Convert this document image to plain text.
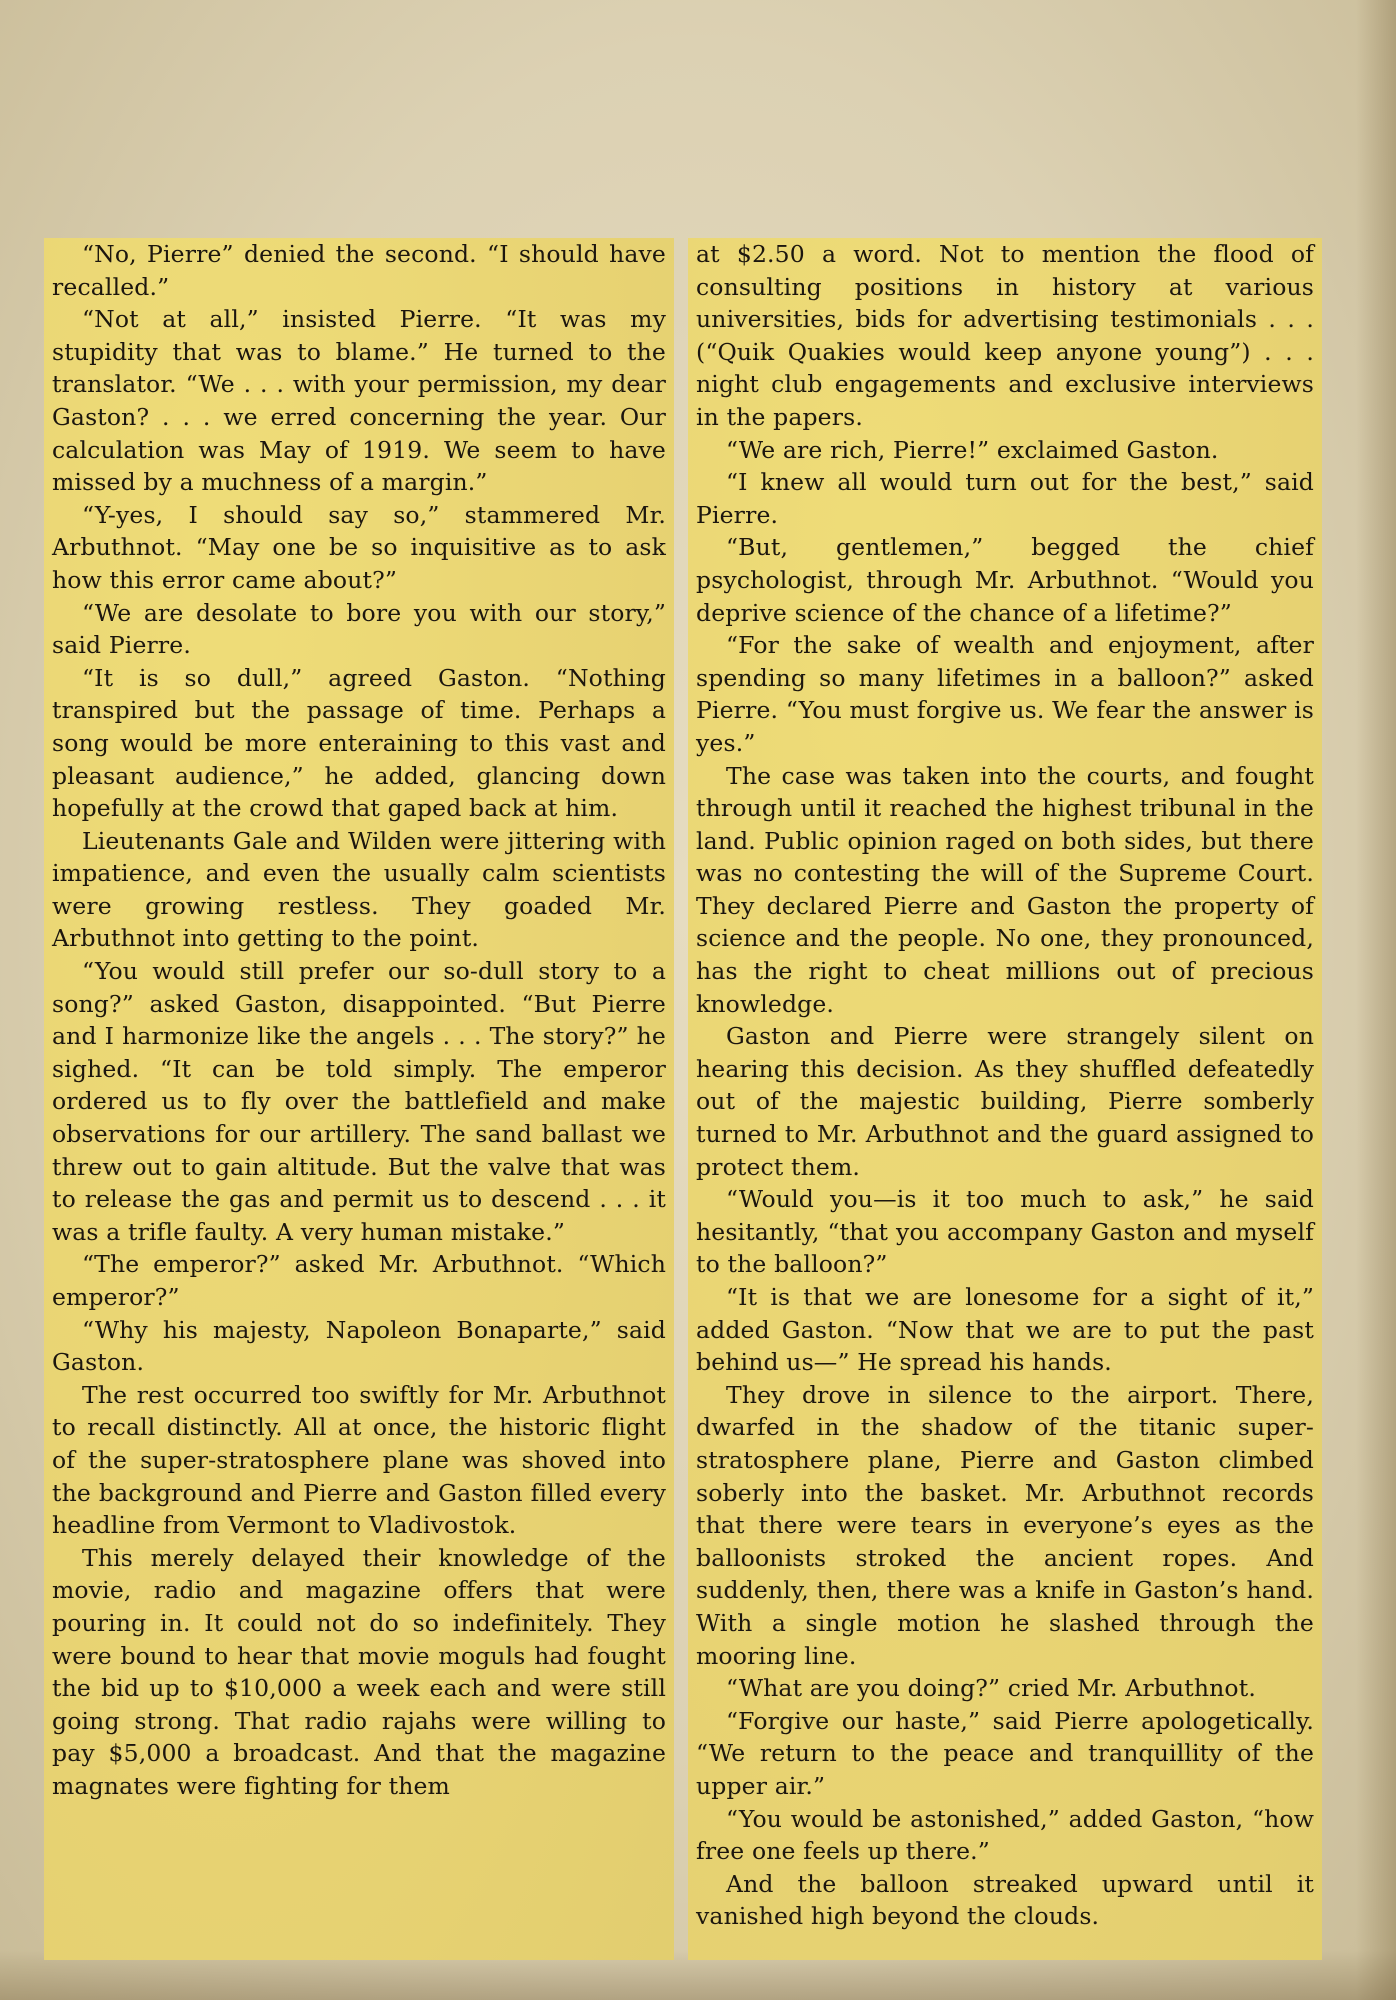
“No, Pierre” denied the second. “I should have recalled.”

“Not at all,” insisted Pierre. “It was my stupidity that was to blame.” He turned to the translator. “We . . . with your permission, my dear Gaston? . . . we erred concerning the year. Our calculation was May of 1919. We seem to have missed by a muchness of a margin.”

“Y-yes, I should say so,” stammered Mr. Arbuthnot. “May one be so inquisitive as to ask how this error came about?”

“We are desolate to bore you with our story,” said Pierre.

“It is so dull,” agreed Gaston. “Nothing transpired but the passage of time. Perhaps a song would be more enteraining to this vast and pleasant audience,” he added, glancing down hopefully at the crowd that gaped back at him.

Lieutenants Gale and Wilden were jittering with impatience, and even the usually calm scientists were growing restless. They goaded Mr. Arbuthnot into getting to the point.

“You would still prefer our so-dull story to a song?” asked Gaston, disappointed. “But Pierre and I harmonize like the angels . . . The story?” he sighed. “It can be told simply. The emperor ordered us to fly over the battlefield and make observations for our artillery. The sand ballast we threw out to gain altitude. But the valve that was to release the gas and permit us to descend . . . it was a trifle faulty. A very human mistake.”

“The emperor?” asked Mr. Arbuthnot. “Which emperor?”

“Why his majesty, Napoleon Bonaparte,” said Gaston.

The rest occurred too swiftly for Mr. Arbuthnot to recall distinctly. All at once, the historic flight of the super-stratosphere plane was shoved into the background and Pierre and Gaston filled every headline from Vermont to Vladivostok.

This merely delayed their knowledge of the movie, radio and magazine offers that were pouring in. It could not do so indefinitely. They were bound to hear that movie moguls had fought the bid up to $10,000 a week each and were still going strong. That radio rajahs were willing to pay $5,000 a broadcast. And that the magazine magnates were fighting for them

at $2.50 a word. Not to mention the flood of consulting positions in history at various universities, bids for advertising testimonials . . . (“Quik Quakies would keep anyone young”) . . . night club engagements and exclusive interviews in the papers.

“We are rich, Pierre!” exclaimed Gaston.

“I knew all would turn out for the best,” said Pierre.

“But, gentlemen,” begged the chief psychologist, through Mr. Arbuthnot. “Would you deprive science of the chance of a lifetime?”

“For the sake of wealth and enjoyment, after spending so many lifetimes in a balloon?” asked Pierre. “You must forgive us. We fear the answer is yes.”

The case was taken into the courts, and fought through until it reached the highest tribunal in the land. Public opinion raged on both sides, but there was no contesting the will of the Supreme Court. They declared Pierre and Gaston the property of science and the people. No one, they pronounced, has the right to cheat millions out of precious knowledge.

Gaston and Pierre were strangely silent on hearing this decision. As they shuffled defeatedly out of the majestic building, Pierre somberly turned to Mr. Arbuthnot and the guard assigned to protect them.

“Would you—is it too much to ask,” he said hesitantly, “that you accompany Gaston and myself to the balloon?”

“It is that we are lonesome for a sight of it,” added Gaston. “Now that we are to put the past behind us—” He spread his hands.

They drove in silence to the airport. There, dwarfed in the shadow of the titanic super-stratosphere plane, Pierre and Gaston climbed soberly into the basket. Mr. Arbuthnot records that there were tears in everyone’s eyes as the balloonists stroked the ancient ropes. And suddenly, then, there was a knife in Gaston’s hand. With a single motion he slashed through the mooring line.

“What are you doing?” cried Mr. Arbuthnot.

“Forgive our haste,” said Pierre apologetically. “We return to the peace and tranquillity of the upper air.”

“You would be astonished,” added Gaston, “how free one feels up there.”

And the balloon streaked upward until it vanished high beyond the clouds.
